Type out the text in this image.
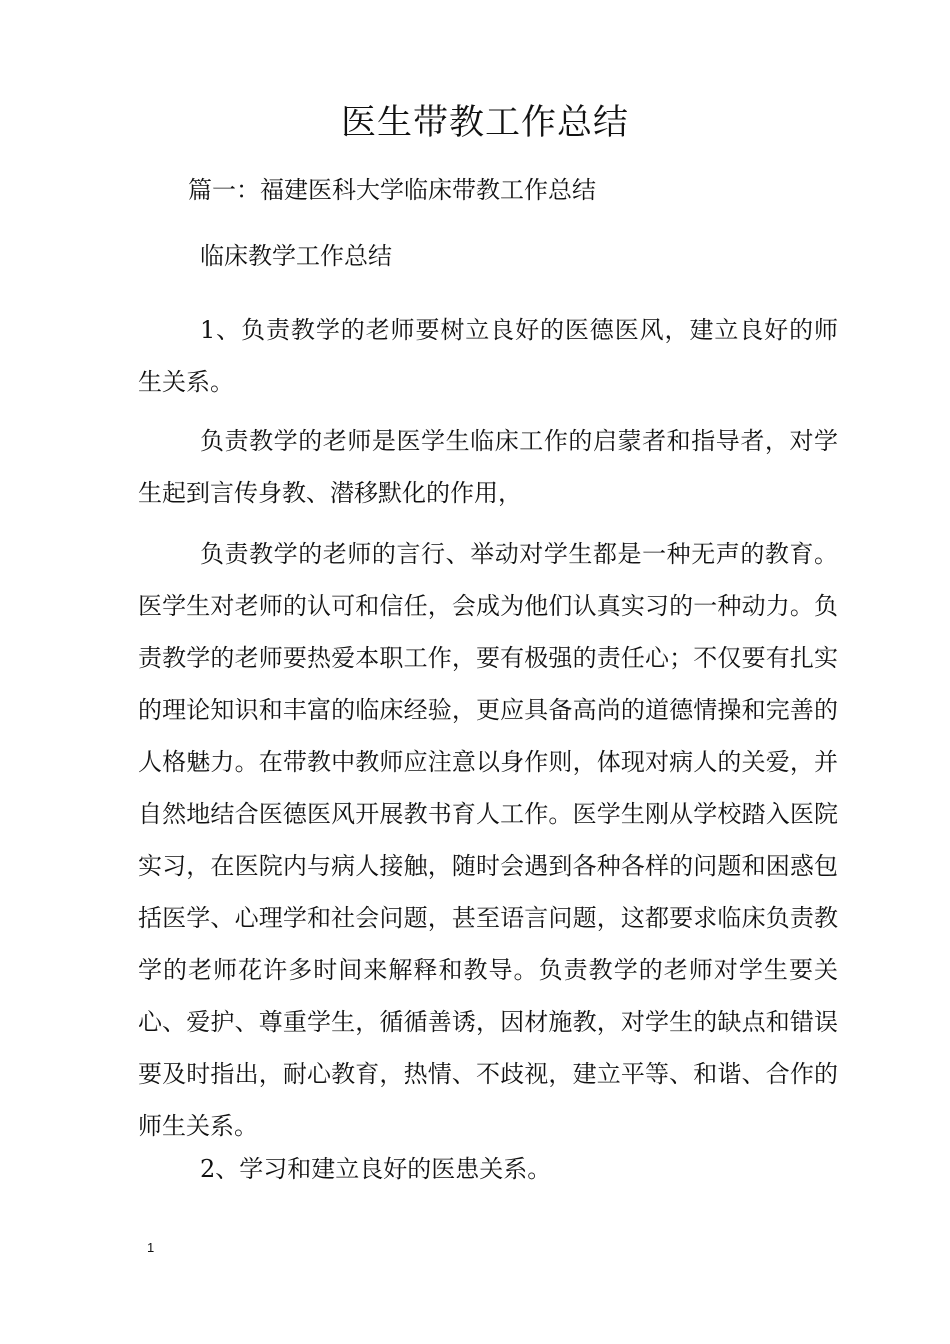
医生带教工作总结

篇一：福建医科大学临床带教工作总结

临床教学工作总结

1、负责教学的老师要树立良好的医德医风，建立良好的师生关系。

负责教学的老师是医学生临床工作的启蒙者和指导者，对学生起到言传身教、潜移默化的作用，

负责教学的老师的言行、举动对学生都是一种无声的教育。医学生对老师的认可和信任，会成为他们认真实习的一种动力。负责教学的老师要热爱本职工作，要有极强的责任心；不仅要有扎实的理论知识和丰富的临床经验，更应具备高尚的道德情操和完善的人格魅力。在带教中教师应注意以身作则，体现对病人的关爱，并自然地结合医德医风开展教书育人工作。医学生刚从学校踏入医院实习，在医院内与病人接触，随时会遇到各种各样的问题和困惑包括医学、心理学和社会问题，甚至语言问题，这都要求临床负责教学的老师花许多时间来解释和教导。负责教学的老师对学生要关心、爱护、尊重学生，循循善诱，因材施教，对学生的缺点和错误要及时指出，耐心教育，热情、不歧视，建立平等、和谐、合作的师生关系。

2、学习和建立良好的医患关系。

1
